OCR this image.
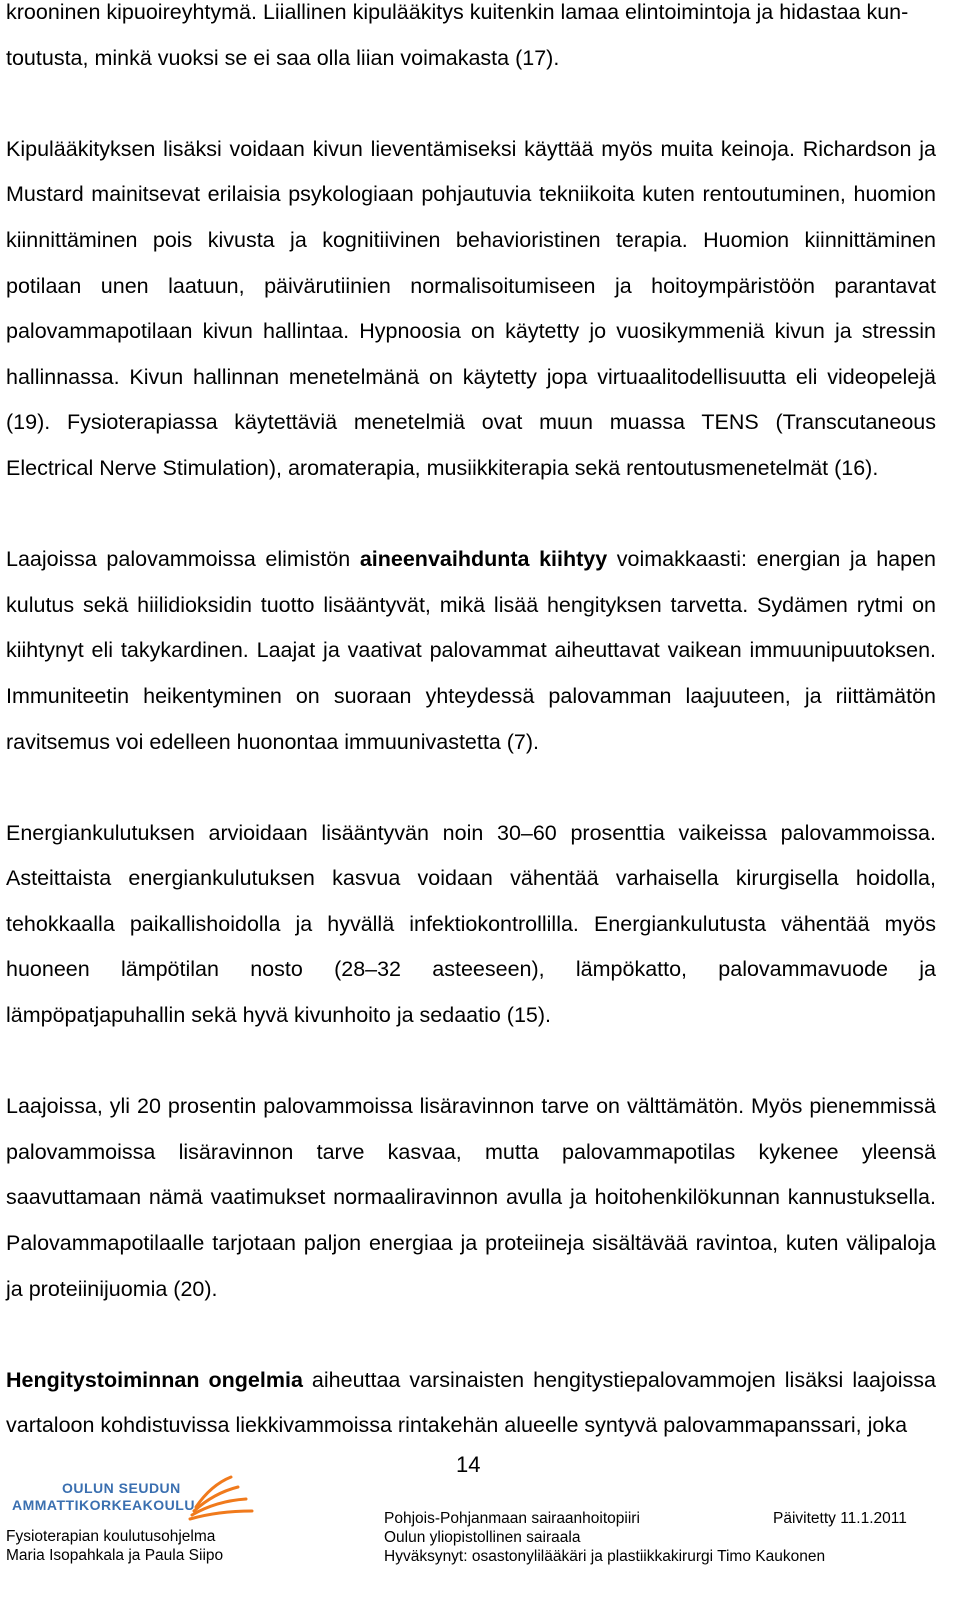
krooninen kipuoireyhtymä. Liiallinen kipulääkitys kuitenkin lamaa elintoimintoja ja hidastaa kun-
toutusta, minkä vuoksi se ei saa olla liian voimakasta (17).

Kipulääkityksen lisäksi voidaan kivun lieventämiseksi käyttää myös muita keinoja. Richardson ja Mustard mainitsevat erilaisia psykologiaan pohjautuvia tekniikoita kuten rentoutuminen, huomion kiinnittäminen pois kivusta ja kognitiivinen behavioristinen terapia. Huomion kiinnittäminen potilaan unen laatuun, päivärutiinien normalisoitumiseen ja hoitoympäristöön parantavat palovammapotilaan kivun hallintaa. Hypnoosia on käytetty jo vuosikymmeniä kivun ja stressin hallinnassa. Kivun hallinnan menetelmänä on käytetty jopa virtuaalitodellisuutta eli videopelejä (19). Fysioterapiassa käytettäviä menetelmiä ovat muun muassa TENS (Transcutaneous Electrical Nerve Stimulation), aromaterapia, musiikkiterapia sekä rentoutusmenetelmät (16).

Laajoissa palovammoissa elimistön aineenvaihdunta kiihtyy voimakkaasti: energian ja hapen kulutus sekä hiilidioksidin tuotto lisääntyvät, mikä lisää hengityksen tarvetta. Sydämen rytmi on kiihtynyt eli takykardinen. Laajat ja vaativat palovammat aiheuttavat vaikean immuunipuutoksen. Immuniteetin heikentyminen on suoraan yhteydessä palovamman laajuuteen, ja riittämätön ravitsemus voi edelleen huonontaa immuunivastetta (7).

Energiankulutuksen arvioidaan lisääntyvän noin 30–60 prosenttia vaikeissa palovammoissa. Asteittaista energiankulutuksen kasvua voidaan vähentää varhaisella kirurgisella hoidolla, tehokkaalla paikallishoidolla ja hyvällä infektiokontrollilla. Energiankulutusta vähentää myös huoneen lämpötilan nosto (28–32 asteeseen), lämpökatto, palovammavuode ja lämpöpatjapuhallin sekä hyvä kivunhoito ja sedaatio (15).

Laajoissa, yli 20 prosentin palovammoissa lisäravinnon tarve on välttämätön. Myös pienemmissä palovammoissa lisäravinnon tarve kasvaa, mutta palovammapotilas kykenee yleensä saavuttamaan nämä vaatimukset normaaliravinnon avulla ja hoitohenkilökunnan kannustuksella. Palovammapotilaalle tarjotaan paljon energiaa ja proteiineja sisältävää ravintoa, kuten välipaloja ja proteiinijuomia (20).

Hengitystoiminnan ongelmia aiheuttaa varsinaisten hengitystiepalovammojen lisäksi laajoissa vartaloon kohdistuvissa liekkivammoissa rintakehän alueelle syntyvä palovammapanssari, joka

14
OULUN SEUDUN
AMMATTIKORKEAKOULU
Fysioterapian koulutusohjelma
Maria Isopahkala ja Paula Siipo
Pohjois-Pohjanmaan sairaanhoitopiiri
Oulun yliopistollinen sairaala
Hyväksynyt: osastonylilääkäri ja plastiikkakirurgi Timo Kaukonen
Päivitetty 11.1.2011
